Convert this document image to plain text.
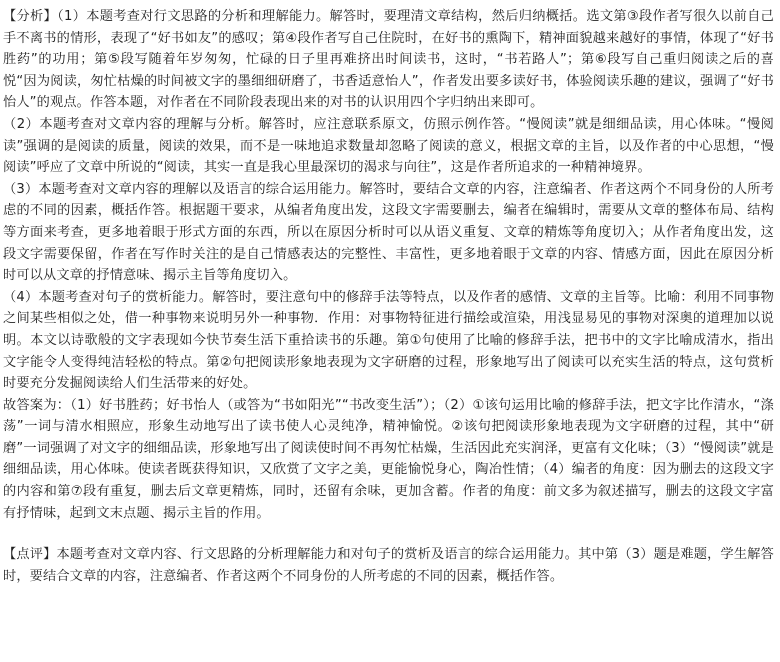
【分析】（1）本题考查对行文思路的分析和理解能力。解答时，要理清文章结构，然后归纳概括。选文第③段作者写很久以前自己手不离书的情形，表现了“好书如友”的感叹；第④段作者写自己住院时，在好书的熏陶下，精神面貌越来越好的事情，体现了“好书胜药”的功用；第⑤段写随着年岁匆匆，忙碌的日子里再难挤出时间读书，这时，“书若路人”；第⑥段写自己重归阅读之后的喜悦“因为阅读，匆忙枯燥的时间被文字的墨细细研磨了，书香适意怡人”，作者发出要多读好书，体验阅读乐趣的建议，强调了“好书怡人”的观点。作答本题，对作者在不同阶段表现出来的对书的认识用四个字归纳出来即可。

（2）本题考查对文章内容的理解与分析。解答时，应注意联系原文，仿照示例作答。“慢阅读”就是细细品读，用心体味。“慢阅读”强调的是阅读的质量，阅读的效果，而不是一味地追求数量却忽略了阅读的意义，根据文章的主旨，以及作者的中心思想，“慢阅读”呼应了文章中所说的“阅读，其实一直是我心里最深切的渴求与向往”，这是作者所追求的一种精神境界。

（3）本题考查对文章内容的理解以及语言的综合运用能力。解答时，要结合文章的内容，注意编者、作者这两个不同身份的人所考虑的不同的因素，概括作答。根据题干要求，从编者角度出发，这段文字需要删去，编者在编辑时，需要从文章的整体布局、结构等方面来考查，更多地着眼于形式方面的东西，所以在原因分析时可以从语义重复、文章的精炼等角度切入；从作者角度出发，这段文字需要保留，作者在写作时关注的是自己情感表达的完整性、丰富性，更多地着眼于文章的内容、情感方面，因此在原因分析时可以从文章的抒情意味、揭示主旨等角度切入。

（4）本题考查对句子的赏析能力。解答时，要注意句中的修辞手法等特点，以及作者的感情、文章的主旨等。比喻：利用不同事物之间某些相似之处，借一种事物来说明另外一种事物．作用：对事物特征进行描绘或渲染，用浅显易见的事物对深奥的道理加以说明。本文以诗歌般的文字表现如今快节奏生活下重拾读书的乐趣。第①句使用了比喻的修辞手法，把书中的文字比喻成清水，指出文字能令人变得纯洁轻松的特点。第②句把阅读形象地表现为文字研磨的过程，形象地写出了阅读可以充实生活的特点，这句赏析时要充分发掘阅读给人们生活带来的好处。

故答案为：（1）好书胜药；好书怡人（或答为“书如阳光”“书改变生活”）；（2）①该句运用比喻的修辞手法，把文字比作清水，“涤荡”一词与清水相照应，形象生动地写出了读书使人心灵纯净，精神愉悦。②该句把阅读形象地表现为文字研磨的过程，其中“研磨”一词强调了对文字的细细品读，形象地写出了阅读使时间不再匆忙枯燥，生活因此充实润泽，更富有文化味；（3）“慢阅读”就是细细品读，用心体味。使读者既获得知识，又欣赏了文字之美，更能愉悦身心，陶冶性情；（4）编者的角度：因为删去的这段文字的内容和第⑦段有重复，删去后文章更精炼，同时，还留有余味，更加含蓄。作者的角度：前文多为叙述描写，删去的这段文字富有抒情味，起到文末点题、揭示主旨的作用。

【点评】本题考查对文章内容、行文思路的分析理解能力和对句子的赏析及语言的综合运用能力。其中第（3）题是难题，学生解答时，要结合文章的内容，注意编者、作者这两个不同身份的人所考虑的不同的因素，概括作答。
